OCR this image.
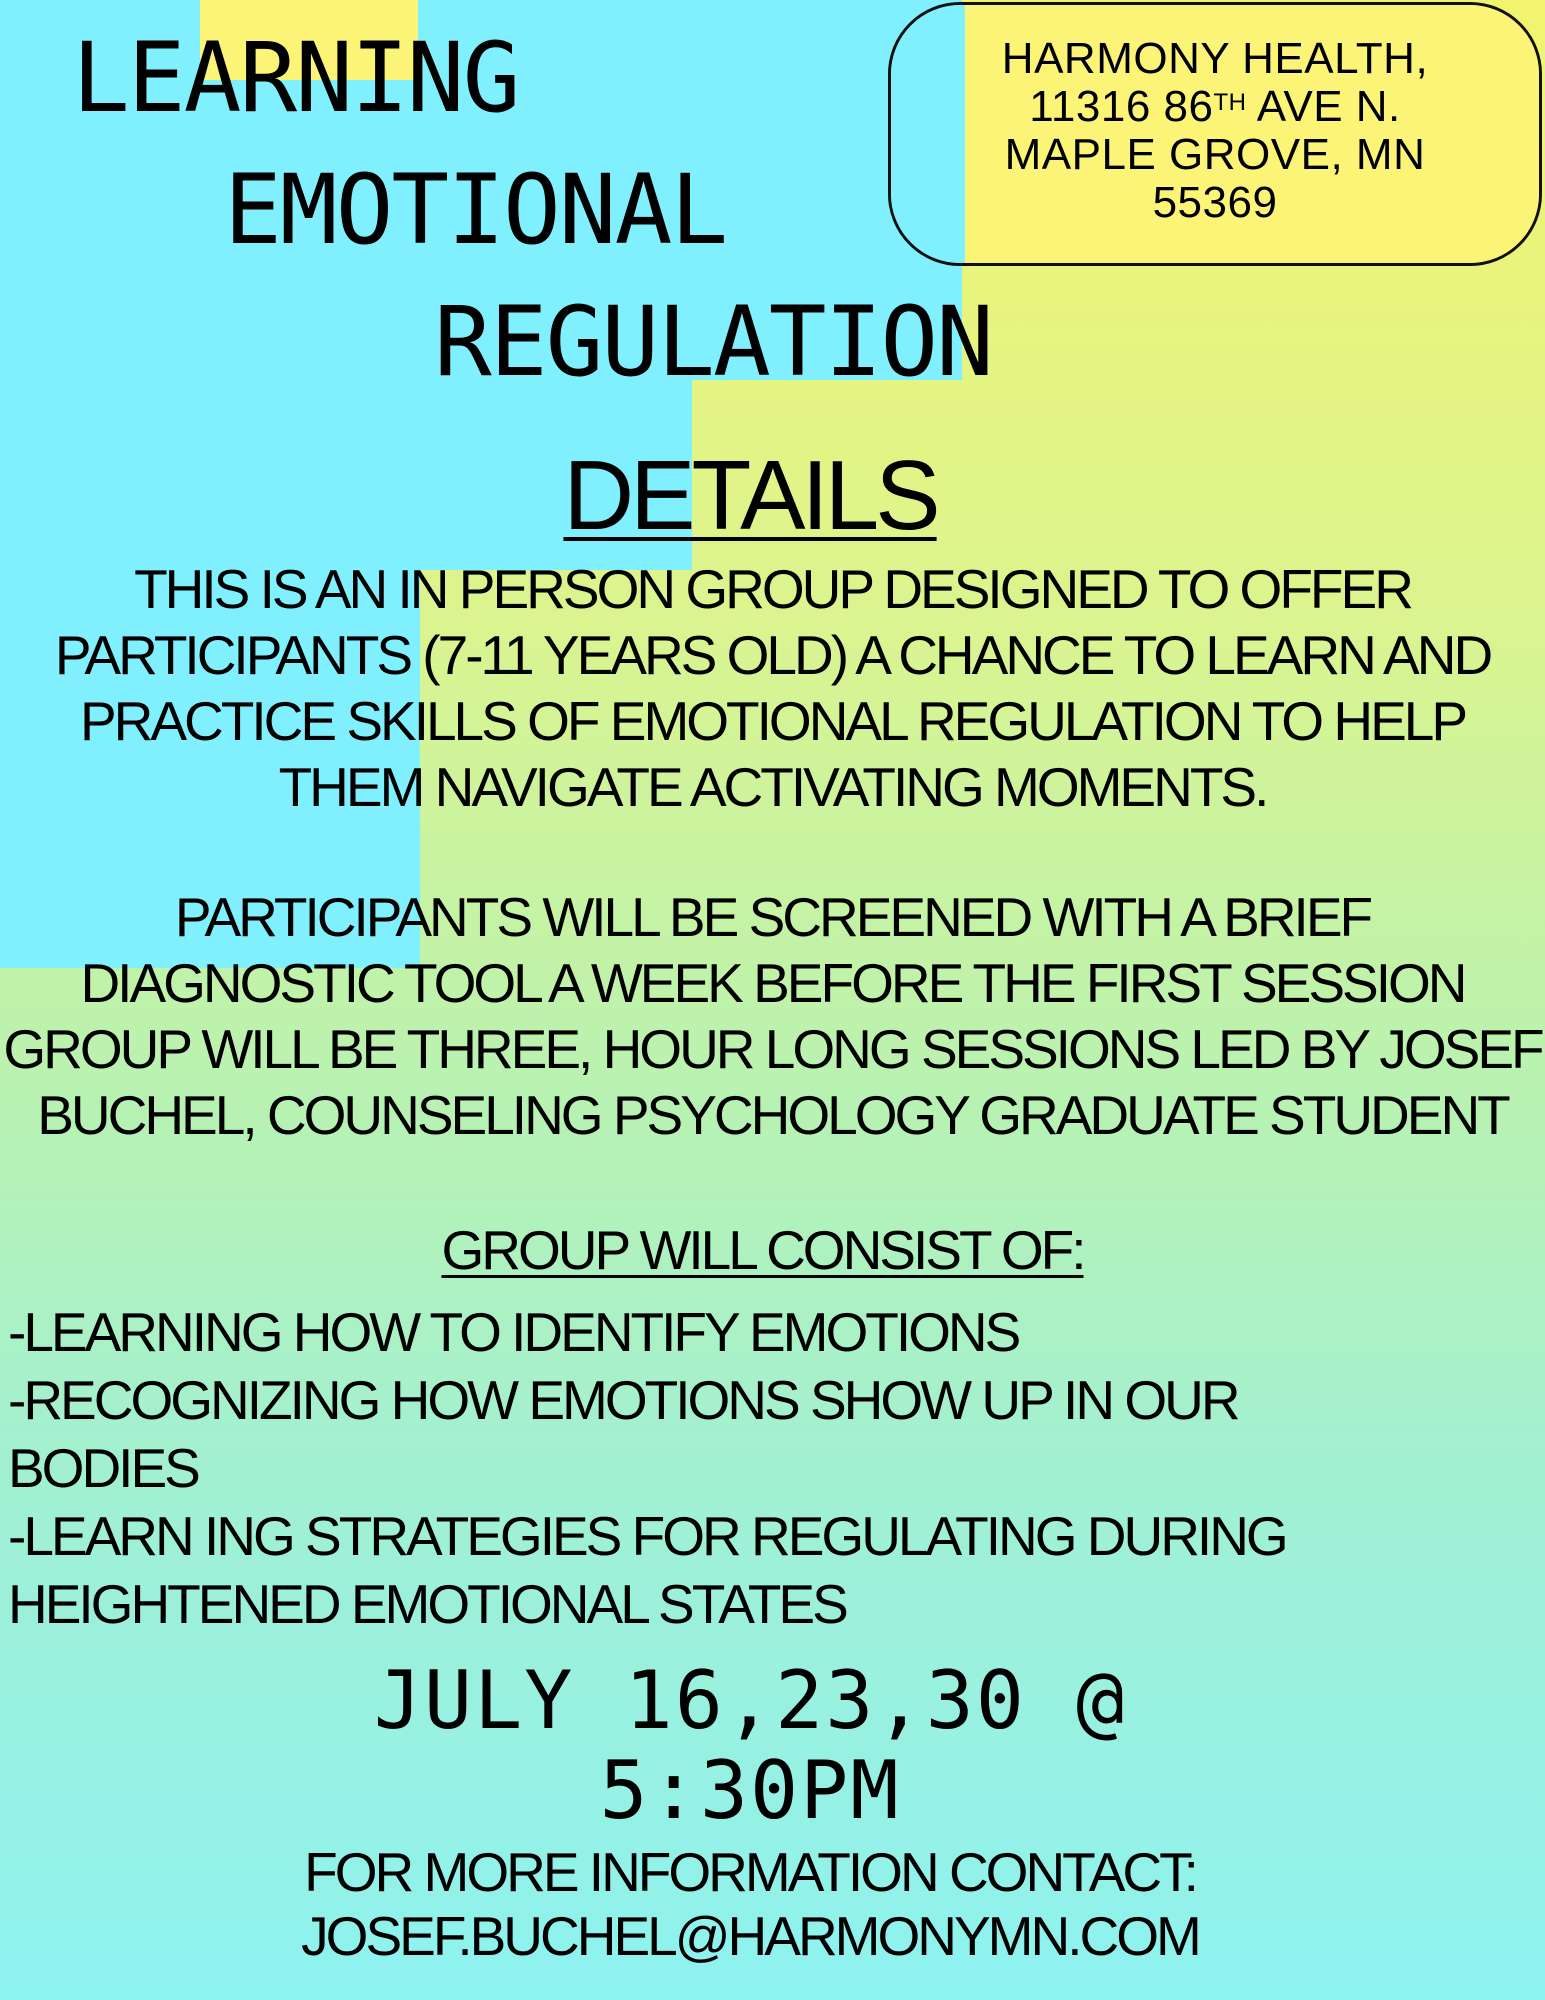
LEARNING
EMOTIONAL
REGULATION
HARMONY HEALTH,
11316 86TH AVE N.
MAPLE GROVE, MN
55369
DETAILS
THIS IS AN IN PERSON GROUP DESIGNED TO OFFER
PARTICIPANTS (7-11 YEARS OLD) A CHANCE TO LEARN AND
PRACTICE SKILLS OF EMOTIONAL REGULATION TO HELP
THEM NAVIGATE ACTIVATING MOMENTS.
PARTICIPANTS WILL BE SCREENED WITH A BRIEF
DIAGNOSTIC TOOL A WEEK BEFORE THE FIRST SESSION
GROUP WILL BE THREE, HOUR LONG SESSIONS LED BY JOSEF
BUCHEL, COUNSELING PSYCHOLOGY GRADUATE STUDENT
GROUP WILL CONSIST OF:
-LEARNING HOW TO IDENTIFY EMOTIONS
-RECOGNIZING HOW EMOTIONS SHOW UP IN OUR
BODIES
-LEARN ING STRATEGIES FOR REGULATING DURING
HEIGHTENED EMOTIONAL STATES
JULY 16,23,30 @
5:30PM
FOR MORE INFORMATION CONTACT:
JOSEF.BUCHEL@HARMONYMN.COM
